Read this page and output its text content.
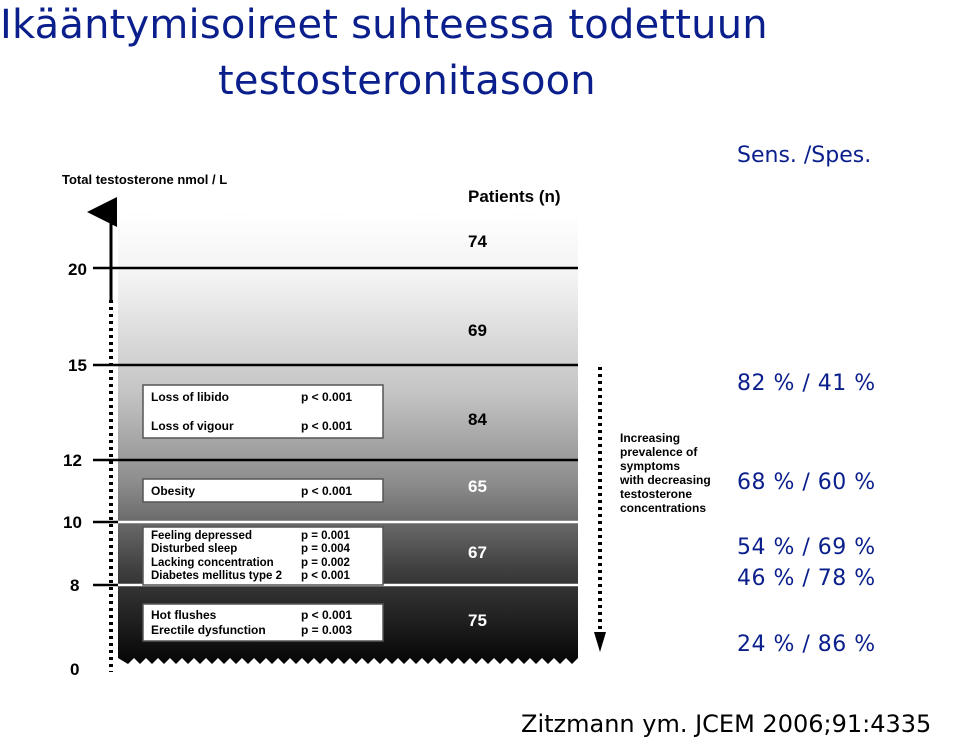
Ikääntymisoireet suhteessa todettuun
testosteronitasoon
Total testosterone nmol / L
20
15
12
10
8
0
Patients (n)
74
69
84
65
67
75
Loss of libido	p < 0.001
Loss of vigour	p < 0.001
Obesity	p < 0.001
Feeling depressed	p = 0.001
Disturbed sleep	p = 0.004
Lacking concentration p = 0.002
Diabetes mellitus type 2 p < 0.001
Hot flushes	p < 0.001
Erectile dysfunction	p = 0.003
Increasing
prevalence of
symptoms
with decreasing
testosterone
concentrations
Sens. /Spes.
82 % / 41 %
68 % / 60 %
54 % / 69 %
46 % / 78 %
24 % / 86 %
Zitzmann ym. JCEM 2006;91:4335
